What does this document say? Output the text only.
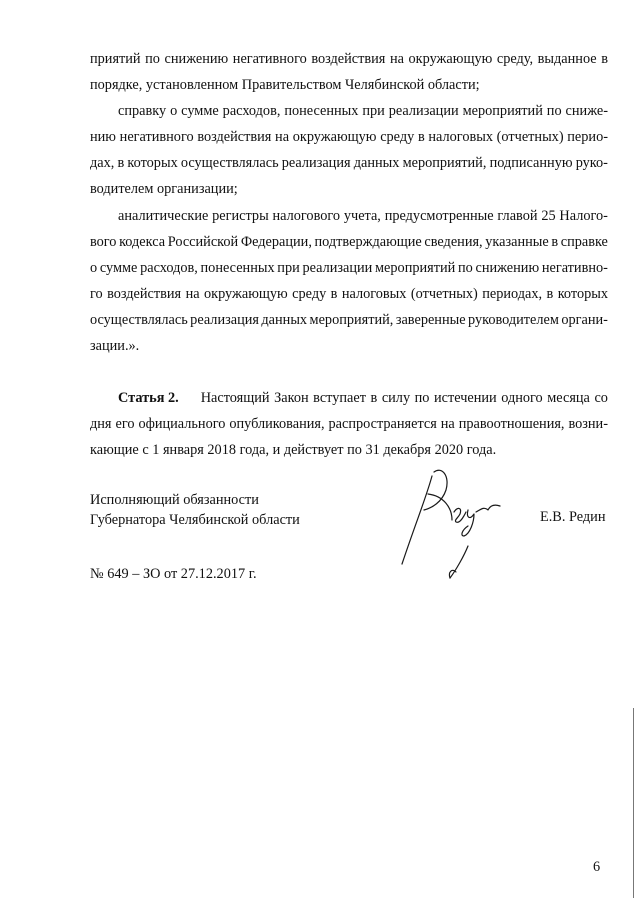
приятий по снижению негативного воздействия на окружающую среду, выданное в
порядке, установленном Правительством Челябинской области;
справку о сумме расходов, понесенных при реализации мероприятий по сниже-
нию негативного воздействия на окружающую среду в налоговых (отчетных) перио-
дах, в которых осуществлялась реализация данных мероприятий, подписанную руко-
водителем организации;
аналитические регистры налогового учета, предусмотренные главой 25 Налого-
вого кодекса Российской Федерации, подтверждающие сведения, указанные в справке
о сумме расходов, понесенных при реализации мероприятий по снижению негативно-
го воздействия на окружающую среду в налоговых (отчетных) периодах, в которых
осуществлялась реализация данных мероприятий, заверенные руководителем органи-
зации.».
Статья 2. Настоящий Закон вступает в силу по истечении одного месяца со
дня его официального опубликования, распространяется на правоотношения, возни-
кающие с 1 января 2018 года, и действует по 31 декабря 2020 года.
Исполняющий обязанности
Губернатора Челябинской области	Е.В. Редин
№ 649 – ЗО от 27.12.2017 г.
6
